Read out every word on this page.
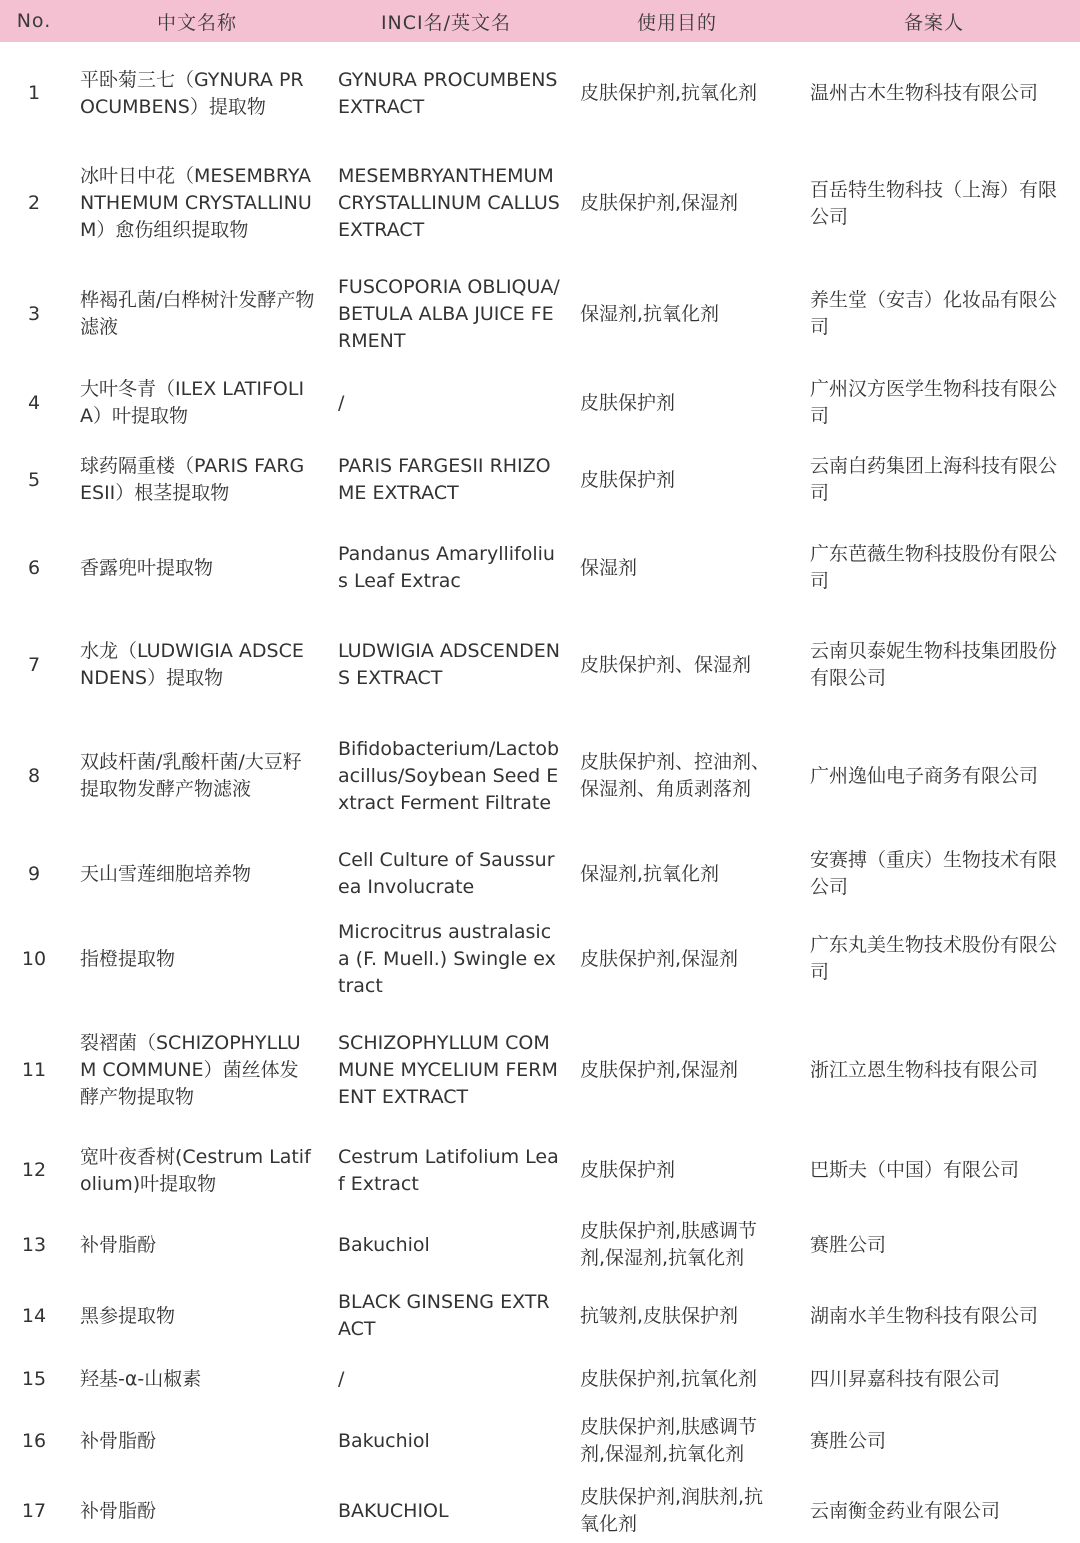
No.	中文名称	INCI名/英文名	使用目的	备案人
1	平卧菊三七（GYNURA PROCUMBENS）提取物	GYNURA PROCUMBENS EXTRACT	皮肤保护剂,抗氧化剂	温州古木生物科技有限公司
2	冰叶日中花（MESEMBRYANTHEMUM CRYSTALLINUM）愈伤组织提取物	MESEMBRYANTHEMUM CRYSTALLINUM CALLUS EXTRACT	皮肤保护剂,保湿剂	百岳特生物科技（上海）有限公司
3	桦褐孔菌/白桦树汁发酵产物滤液	FUSCOPORIA OBLIQUA/ BETULA ALBA JUICE FERMENT	保湿剂,抗氧化剂	养生堂（安吉）化妆品有限公司
4	大叶冬青（ILEX LATIFOLIA）叶提取物	/	皮肤保护剂	广州汉方医学生物科技有限公司
5	球药隔重楼（PARIS FARGESII）根茎提取物	PARIS FARGESII RHIZOME EXTRACT	皮肤保护剂	云南白药集团上海科技有限公司
6	香露兜叶提取物	Pandanus Amaryllifolius Leaf Extrac	保湿剂	广东芭薇生物科技股份有限公司
7	水龙（LUDWIGIA ADSCENDENS）提取物	LUDWIGIA ADSCENDENS EXTRACT	皮肤保护剂、保湿剂	云南贝泰妮生物科技集团股份有限公司
8	双歧杆菌/乳酸杆菌/大豆籽提取物发酵产物滤液	Bifidobacterium/Lactobacillus/Soybean Seed Extract Ferment Filtrate	皮肤保护剂、控油剂、保湿剂、角质剥落剂	广州逸仙电子商务有限公司
9	天山雪莲细胞培养物	Cell Culture of Saussurea Involucrate	保湿剂,抗氧化剂	安赛搏（重庆）生物技术有限公司
10	指橙提取物	Microcitrus australasica (F. Muell.) Swingle extract	皮肤保护剂,保湿剂	广东丸美生物技术股份有限公司
11	裂褶菌（SCHIZOPHYLLUM COMMUNE）菌丝体发酵产物提取物	SCHIZOPHYLLUM COMMUNE MYCELIUM FERMENT EXTRACT	皮肤保护剂,保湿剂	浙江立恩生物科技有限公司
12	宽叶夜香树(Cestrum Latifolium)叶提取物	Cestrum Latifolium Leaf Extract	皮肤保护剂	巴斯夫（中国）有限公司
13	补骨脂酚	Bakuchiol	皮肤保护剂,肤感调节剂,保湿剂,抗氧化剂	赛胜公司
14	黑参提取物	BLACK GINSENG EXTRACT	抗皱剂,皮肤保护剂	湖南水羊生物科技有限公司
15	羟基-α-山椒素	/	皮肤保护剂,抗氧化剂	四川昇嘉科技有限公司
16	补骨脂酚	Bakuchiol	皮肤保护剂,肤感调节剂,保湿剂,抗氧化剂	赛胜公司
17	补骨脂酚	BAKUCHIOL	皮肤保护剂,润肤剂,抗氧化剂	云南衡金药业有限公司
